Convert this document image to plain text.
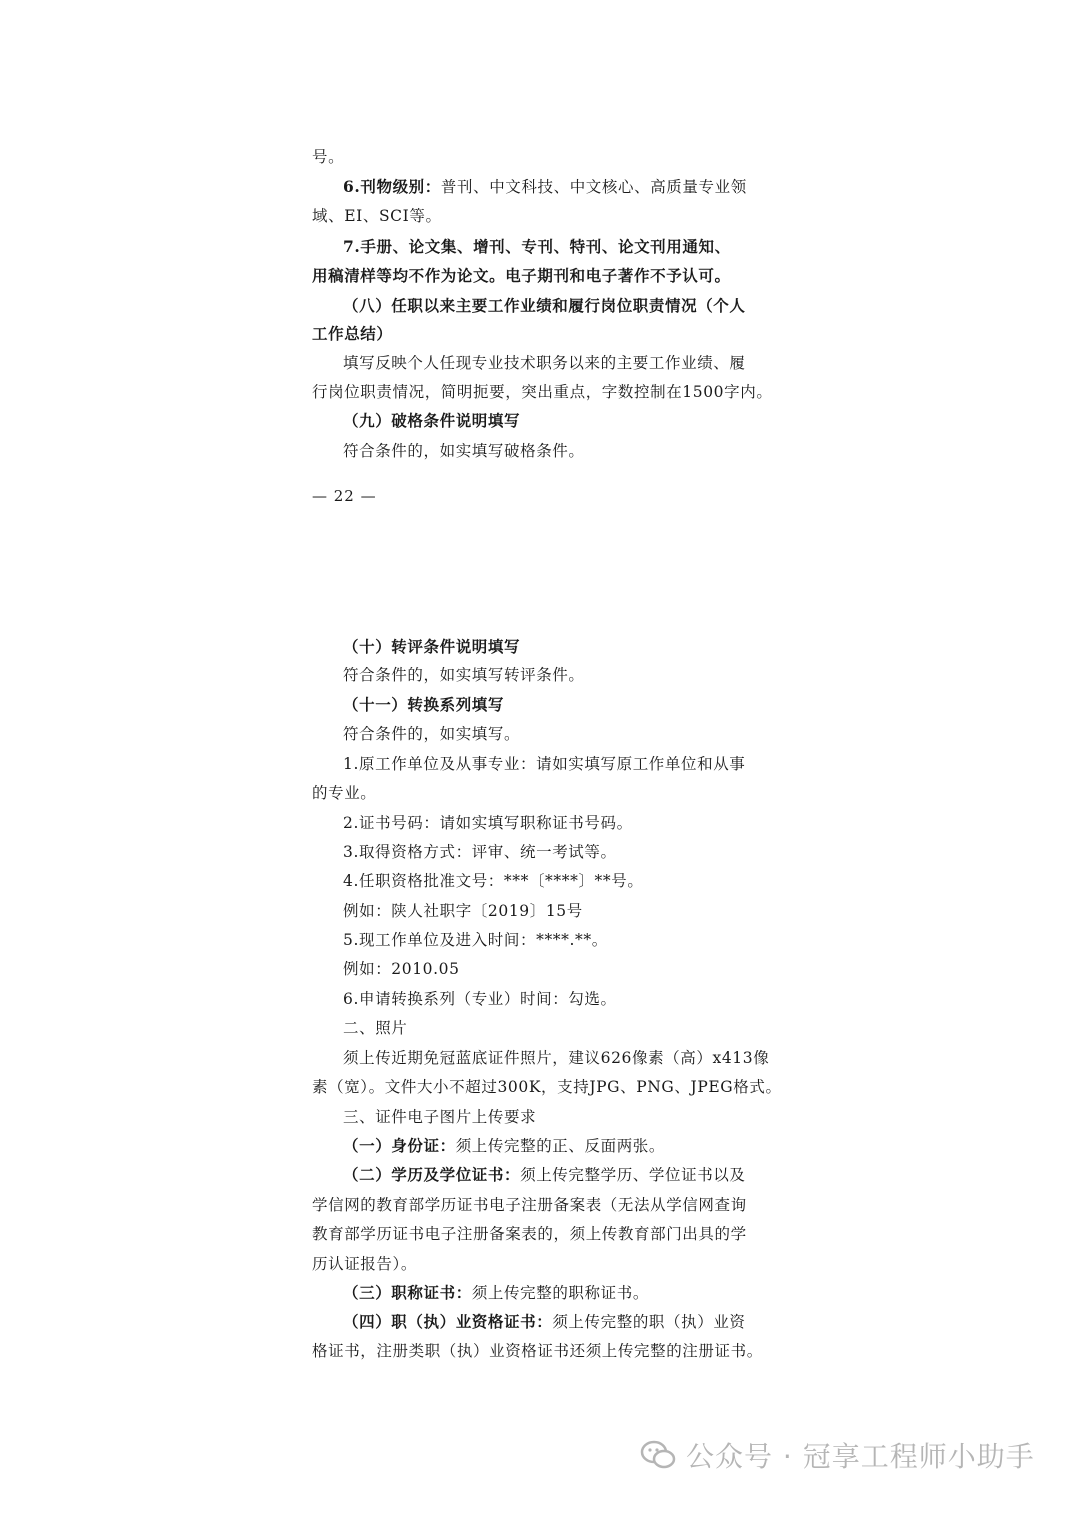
号。
6.刊物级别：普刊、中文科技、中文核心、高质量专业领
域、EI、SCI等。
7.手册、论文集、增刊、专刊、特刊、论文刊用通知、
用稿清样等均不作为论文。电子期刊和电子著作不予认可。
（八）任职以来主要工作业绩和履行岗位职责情况（个人
工作总结）
填写反映个人任现专业技术职务以来的主要工作业绩、履
行岗位职责情况，简明扼要，突出重点，字数控制在1500字内。
（九）破格条件说明填写
符合条件的，如实填写破格条件。
— 22 —
（十）转评条件说明填写
符合条件的，如实填写转评条件。
（十一）转换系列填写
符合条件的，如实填写。
1.原工作单位及从事专业：请如实填写原工作单位和从事
的专业。
2.证书号码：请如实填写职称证书号码。
3.取得资格方式：评审、统一考试等。
4.任职资格批准文号：***〔****〕**号。
例如：陕人社职字〔2019〕15号
5.现工作单位及进入时间：****.**。
例如：2010.05
6.申请转换系列（专业）时间：勾选。
二、照片
须上传近期免冠蓝底证件照片，建议626像素（高）x413像
素（宽）。文件大小不超过300K，支持JPG、PNG、JPEG格式。
三、证件电子图片上传要求
（一）身份证：须上传完整的正、反面两张。
（二）学历及学位证书：须上传完整学历、学位证书以及
学信网的教育部学历证书电子注册备案表（无法从学信网查询
教育部学历证书电子注册备案表的，须上传教育部门出具的学
历认证报告）。
（三）职称证书：须上传完整的职称证书。
（四）职（执）业资格证书：须上传完整的职（执）业资
格证书，注册类职（执）业资格证书还须上传完整的注册证书。
公众号 · 冠享工程师小助手
